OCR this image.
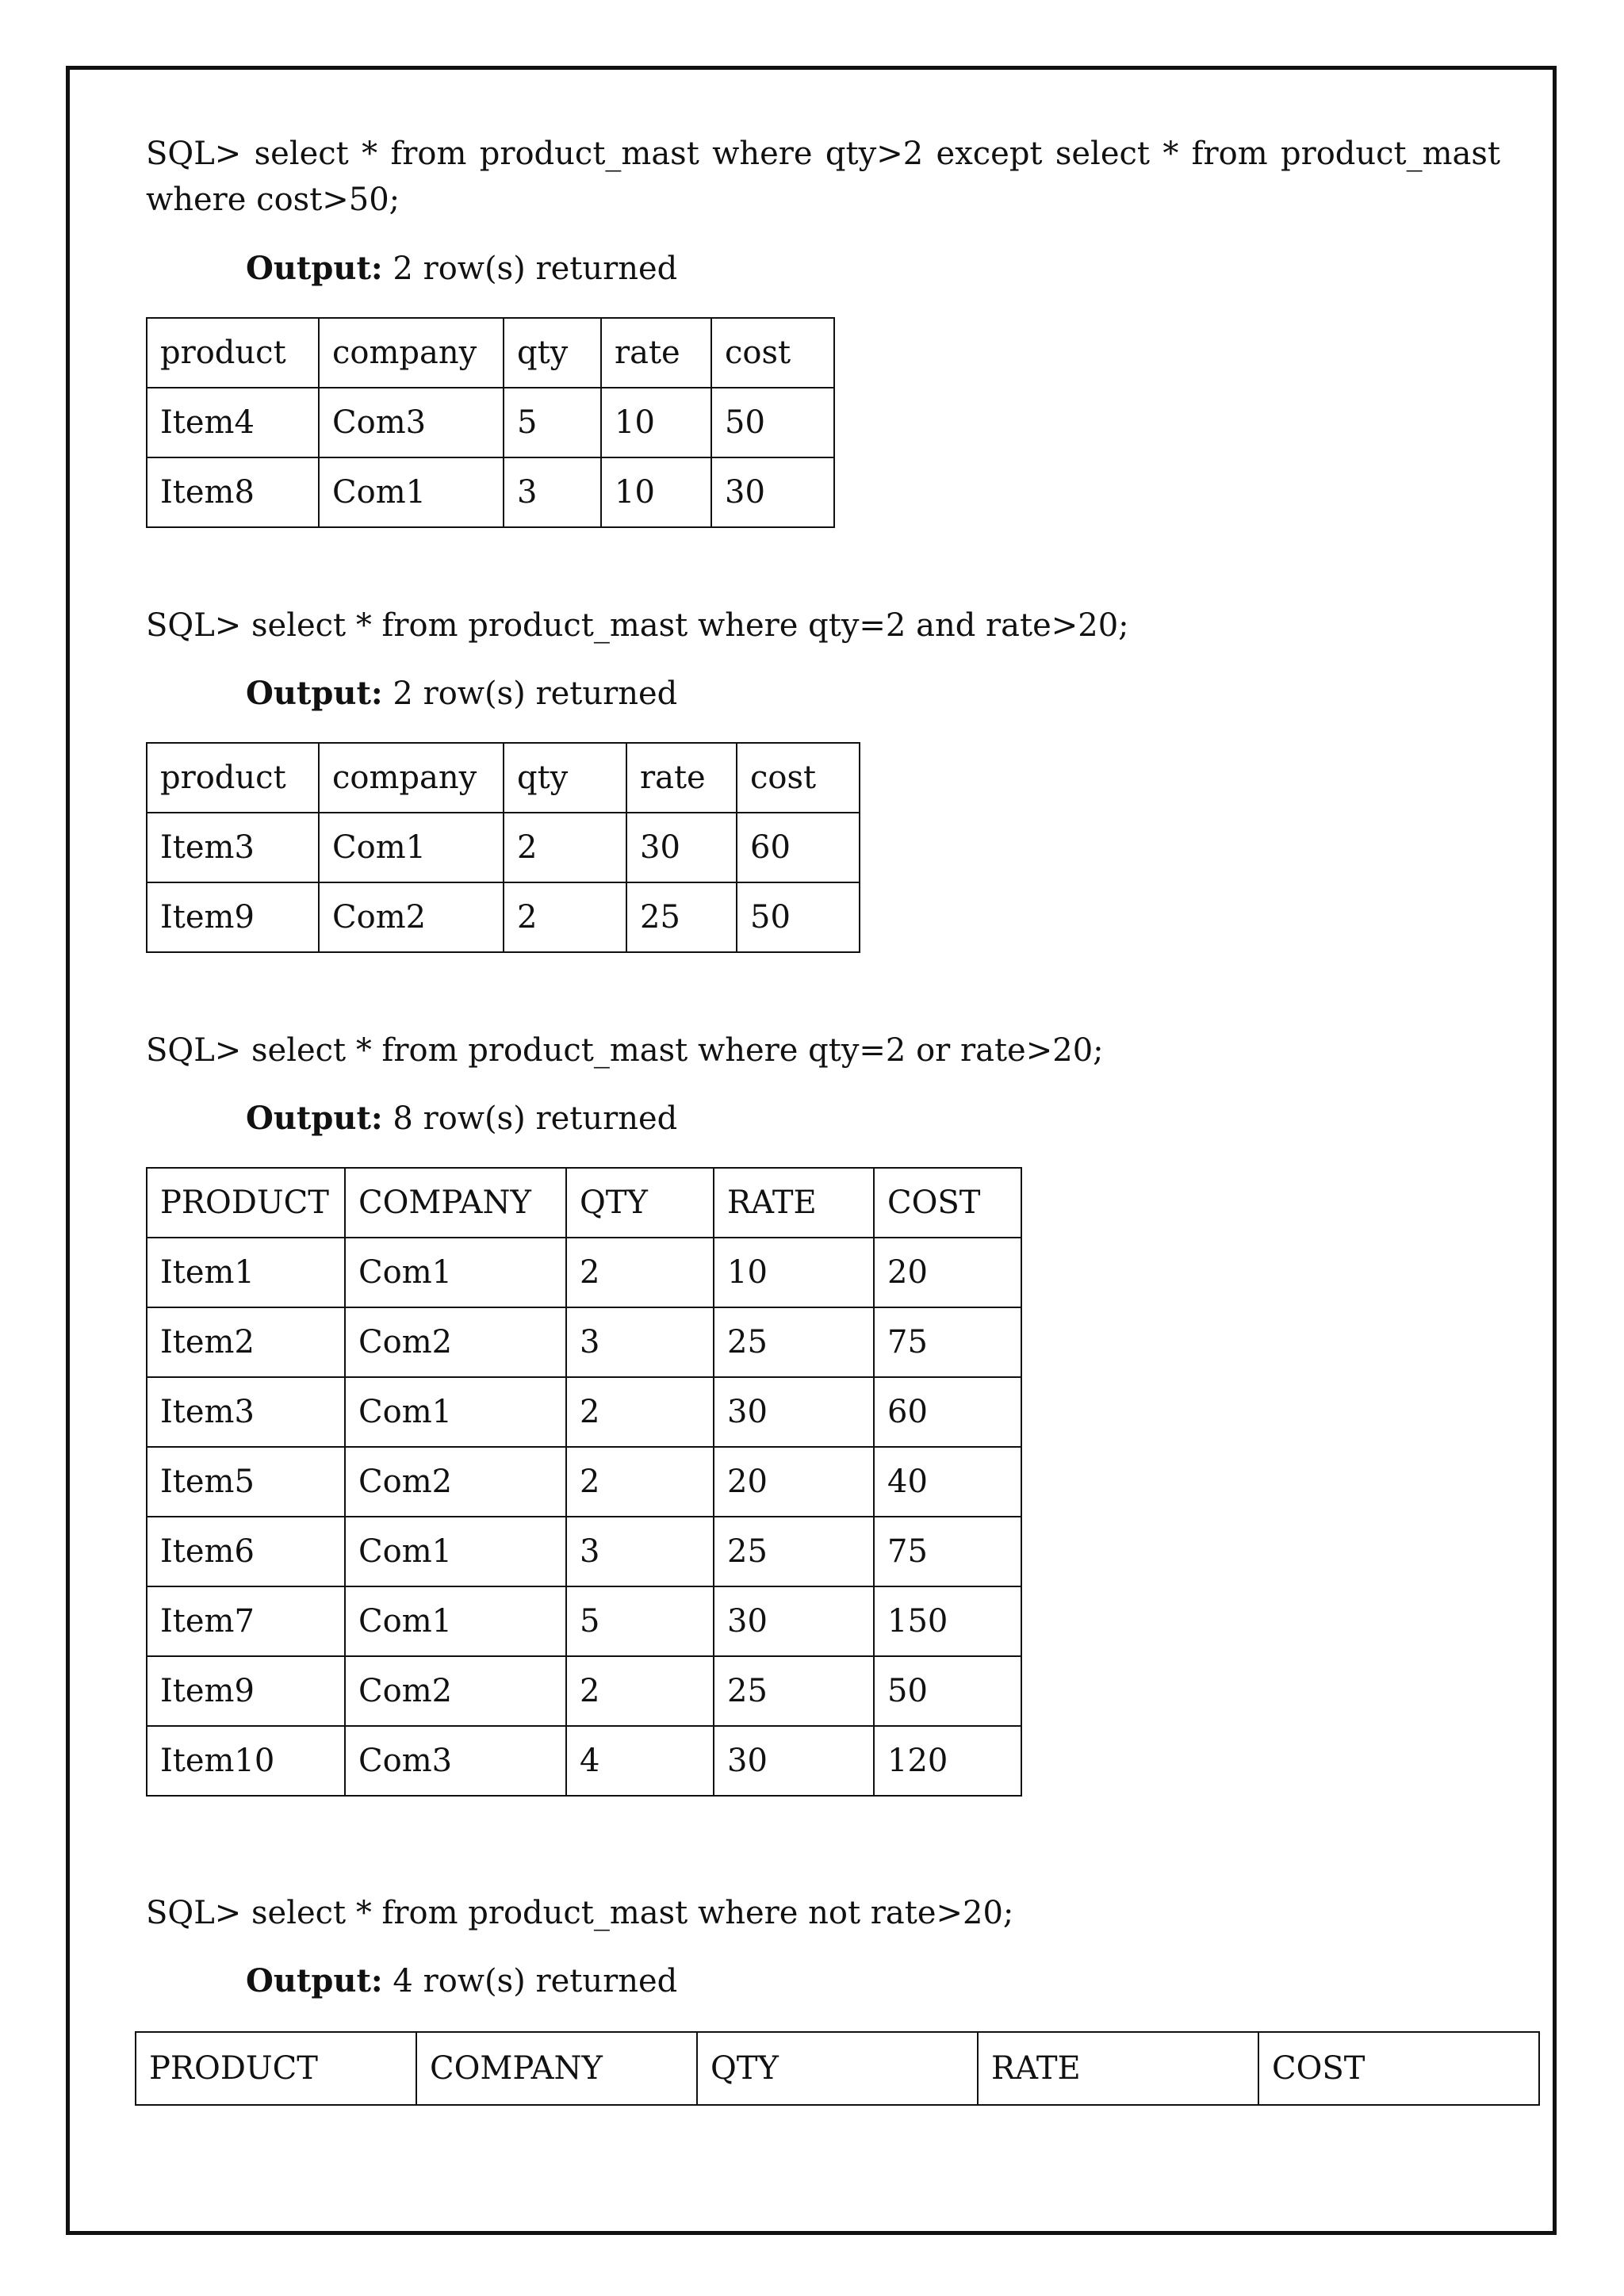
SQL> select * from product_mast where qty>2 except select * from product_mast where cost>50;

Output: 2 row(s) returned

product	company	qty	rate	cost
Item4	Com3	5	10	50
Item8	Com1	3	10	30

SQL> select * from product_mast where qty=2 and rate>20;

Output: 2 row(s) returned

product	company	qty	rate	cost
Item3	Com1	2	30	60
Item9	Com2	2	25	50

SQL> select * from product_mast where qty=2 or rate>20;

Output: 8 row(s) returned

PRODUCT	COMPANY	QTY	RATE	COST
Item1	Com1	2	10	20
Item2	Com2	3	25	75
Item3	Com1	2	30	60
Item5	Com2	2	20	40
Item6	Com1	3	25	75
Item7	Com1	5	30	150
Item9	Com2	2	25	50
Item10	Com3	4	30	120

SQL> select * from product_mast where not rate>20;

Output: 4 row(s) returned

PRODUCT	COMPANY	QTY	RATE	COST
